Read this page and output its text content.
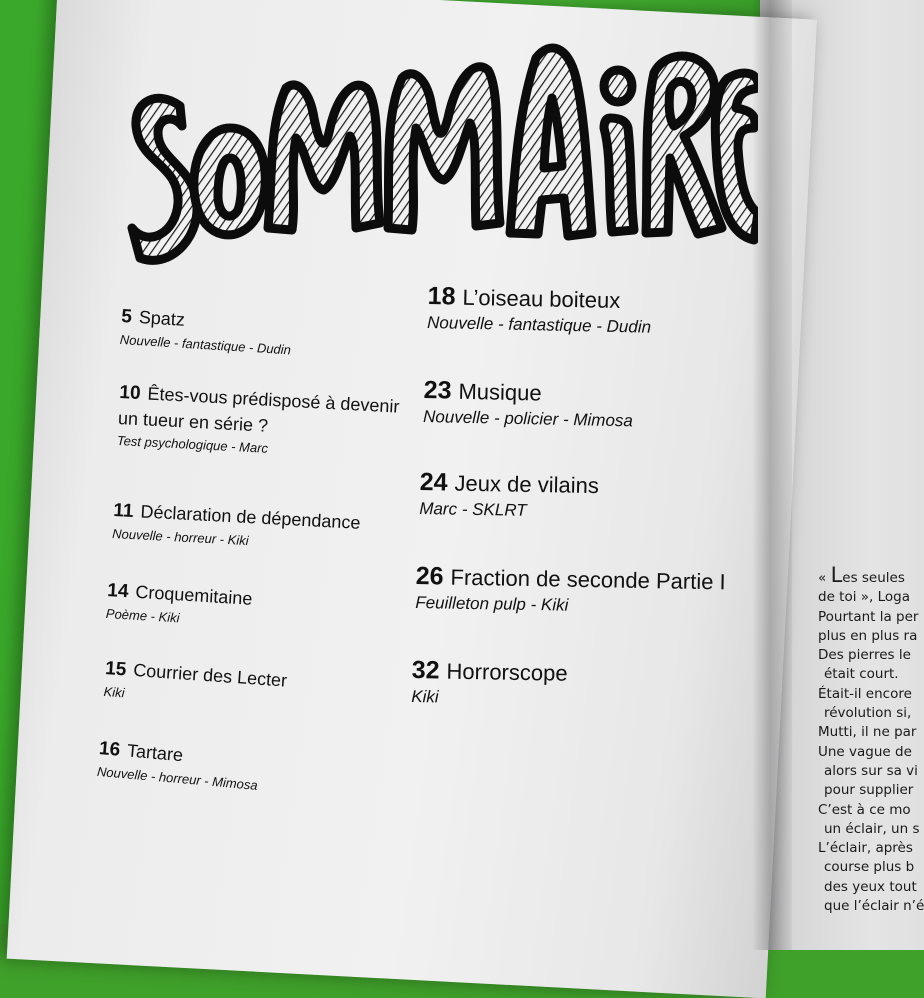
5 Spatz
Nouvelle - fantastique - Dudin
10 Êtes-vous prédisposé à devenir
un tueur en série ?
Test psychologique - Marc
11 Déclaration de dépendance
Nouvelle - horreur - Kiki
14 Croquemitaine
Poème - Kiki
15 Courrier des Lecter
Kiki
16 Tartare
Nouvelle - horreur - Mimosa
18 L’oiseau boiteux
Nouvelle - fantastique - Dudin
23 Musique
Nouvelle - policier - Mimosa
24 Jeux de vilains
Marc - SKLRT
26 Fraction de seconde Partie I
Feuilleton pulp - Kiki
32 Horrorscope
Kiki
« Les seules
de toi », Loga
Pourtant la per
plus en plus ra
Des pierres le
était court.
Était-il encore
révolution si,
Mutti, il ne par
Une vague de
alors sur sa vi
pour supplier
C’est à ce mo
un éclair, un s
L’éclair, après
course plus b
des yeux tout
que l’éclair n’é
